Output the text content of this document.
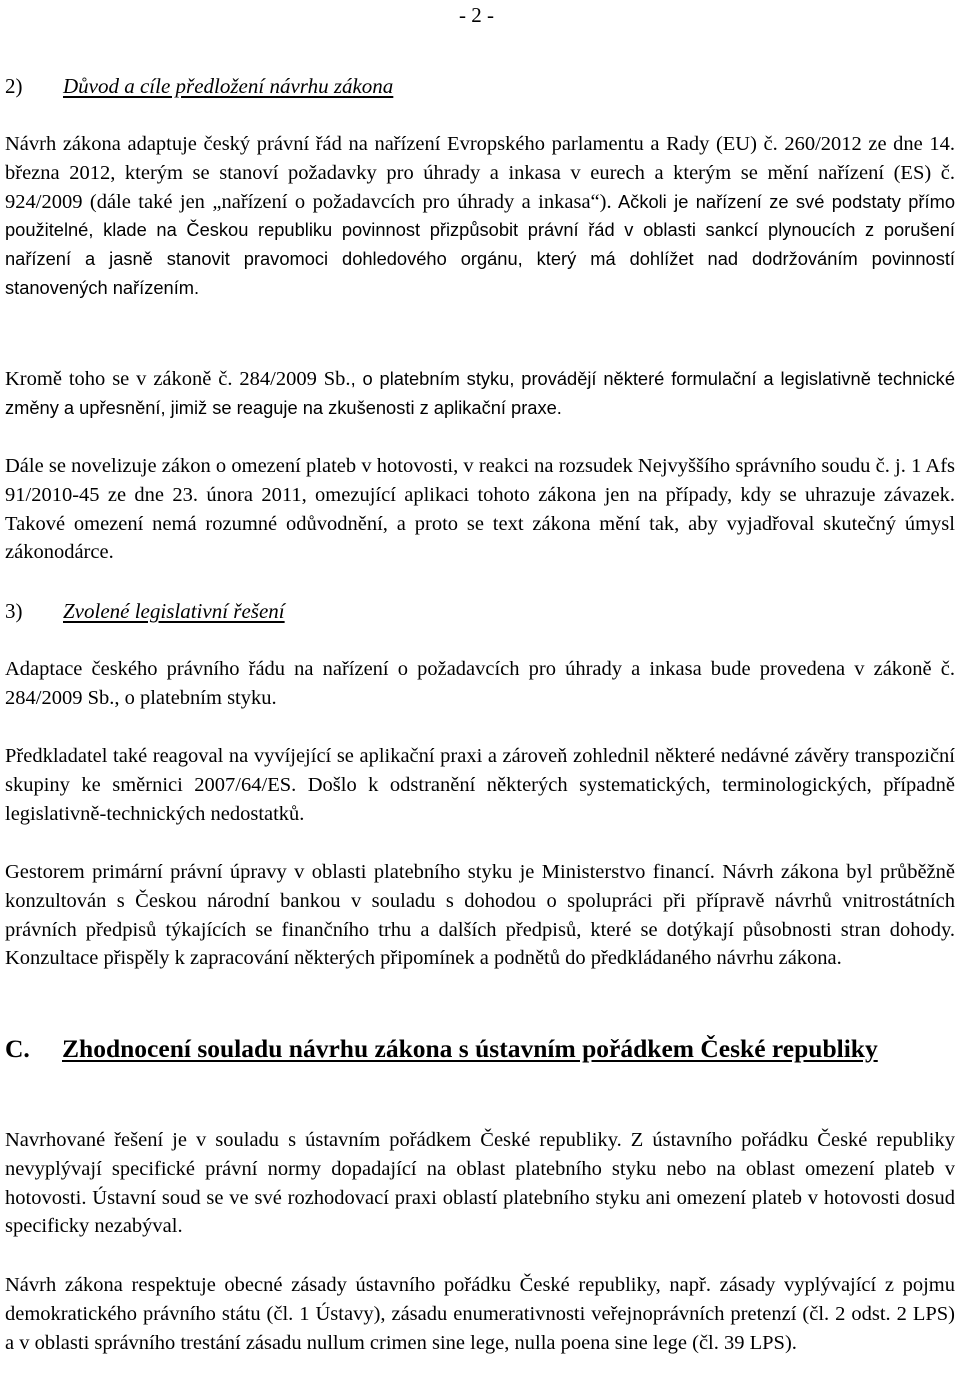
- 2 -
2) Důvod a cíle předložení návrhu zákona

Návrh zákona adaptuje český právní řád na nařízení Evropského parlamentu a Rady (EU) č. 260/2012 ze dne 14. března 2012, kterým se stanoví požadavky pro úhrady a inkasa v eurech a kterým se mění nařízení (ES) č. 924/2009 (dále také jen „nařízení o požadavcích pro úhrady a inkasa“). Ačkoli je nařízení ze své podstaty přímo použitelné, klade na Českou republiku povinnost přizpůsobit právní řád v oblasti sankcí plynoucích z porušení nařízení a jasně stanovit pravomoci dohledového orgánu, který má dohlížet nad dodržováním povinností stanovených nařízením.

Kromě toho se v zákoně č. 284/2009 Sb., o platebním styku, provádějí některé formulační a legislativně technické změny a upřesnění, jimiž se reaguje na zkušenosti z aplikační praxe.

Dále se novelizuje zákon o omezení plateb v hotovosti, v reakci na rozsudek Nejvyššího správního soudu č. j. 1 Afs 91/2010-45 ze dne 23. února 2011, omezující aplikaci tohoto zákona jen na případy, kdy se uhrazuje závazek. Takové omezení nemá rozumné odůvodnění, a proto se text zákona mění tak, aby vyjadřoval skutečný úmysl zákonodárce.

3) Zvolené legislativní řešení

Adaptace českého právního řádu na nařízení o požadavcích pro úhrady a inkasa bude provedena v zákoně č. 284/2009 Sb., o platebním styku.

Předkladatel také reagoval na vyvíjející se aplikační praxi a zároveň zohlednil některé nedávné závěry transpoziční skupiny ke směrnici 2007/64/ES. Došlo k odstranění některých systematických, terminologických, případně legislativně-technických nedostatků.

Gestorem primární právní úpravy v oblasti platebního styku je Ministerstvo financí. Návrh zákona byl průběžně konzultován s Českou národní bankou v souladu s dohodou o spolupráci při přípravě návrhů vnitrostátních právních předpisů týkajících se finančního trhu a dalších předpisů, které se dotýkají působnosti stran dohody. Konzultace přispěly k zapracování některých připomínek a podnětů do předkládaného návrhu zákona.

C. Zhodnocení souladu návrhu zákona s ústavním pořádkem České republiky

Navrhované řešení je v souladu s ústavním pořádkem České republiky. Z ústavního pořádku České republiky nevyplývají specifické právní normy dopadající na oblast platebního styku nebo na oblast omezení plateb v hotovosti. Ústavní soud se ve své rozhodovací praxi oblastí platebního styku ani omezení plateb v hotovosti dosud specificky nezabýval.

Návrh zákona respektuje obecné zásady ústavního pořádku České republiky, např. zásady vyplývající z pojmu demokratického právního státu (čl. 1 Ústavy), zásadu enumerativnosti veřejnoprávních pretenzí (čl. 2 odst. 2 LPS) a v oblasti správního trestání zásadu nullum crimen sine lege, nulla poena sine lege (čl. 39 LPS).
